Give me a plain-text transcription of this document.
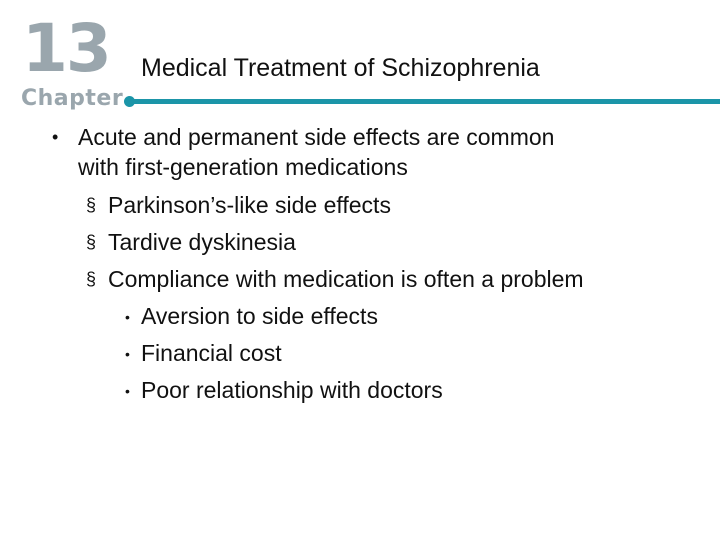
13
Chapter
Medical Treatment of Schizophrenia
• Acute and permanent side effects are common
with first-generation medications
§ Parkinson’s-like side effects
§ Tardive dyskinesia
§ Compliance with medication is often a problem
• Aversion to side effects
• Financial cost
• Poor relationship with doctors
